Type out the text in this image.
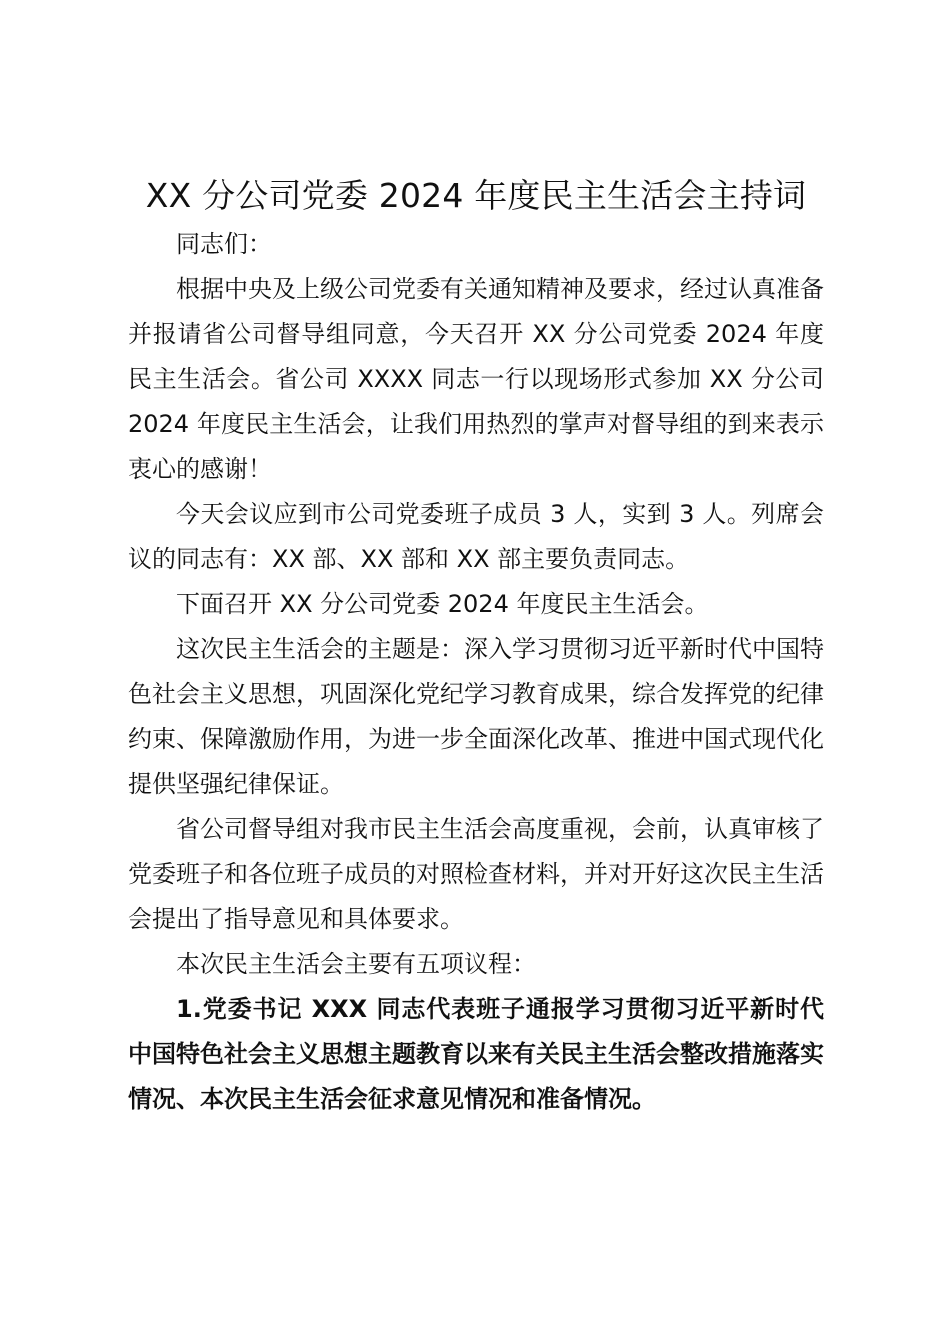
XX 分公司党委 2024 年度民主生活会主持词

同志们：

根据中央及上级公司党委有关通知精神及要求，经过认真准备并报请省公司督导组同意，今天召开 XX 分公司党委 2024 年度民主生活会。省公司 XXXX 同志一行以现场形式参加 XX 分公司 2024 年度民主生活会，让我们用热烈的掌声对督导组的到来表示衷心的感谢！

今天会议应到市公司党委班子成员 3 人，实到 3 人。列席会议的同志有：XX 部、XX 部和 XX 部主要负责同志。

下面召开 XX 分公司党委 2024 年度民主生活会。

这次民主生活会的主题是：深入学习贯彻习近平新时代中国特色社会主义思想，巩固深化党纪学习教育成果，综合发挥党的纪律约束、保障激励作用，为进一步全面深化改革、推进中国式现代化提供坚强纪律保证。

省公司督导组对我市民主生活会高度重视，会前，认真审核了党委班子和各位班子成员的对照检查材料，并对开好这次民主生活会提出了指导意见和具体要求。

本次民主生活会主要有五项议程：

1.党委书记 XXX 同志代表班子通报学习贯彻习近平新时代中国特色社会主义思想主题教育以来有关民主生活会整改措施落实情况、本次民主生活会征求意见情况和准备情况。
